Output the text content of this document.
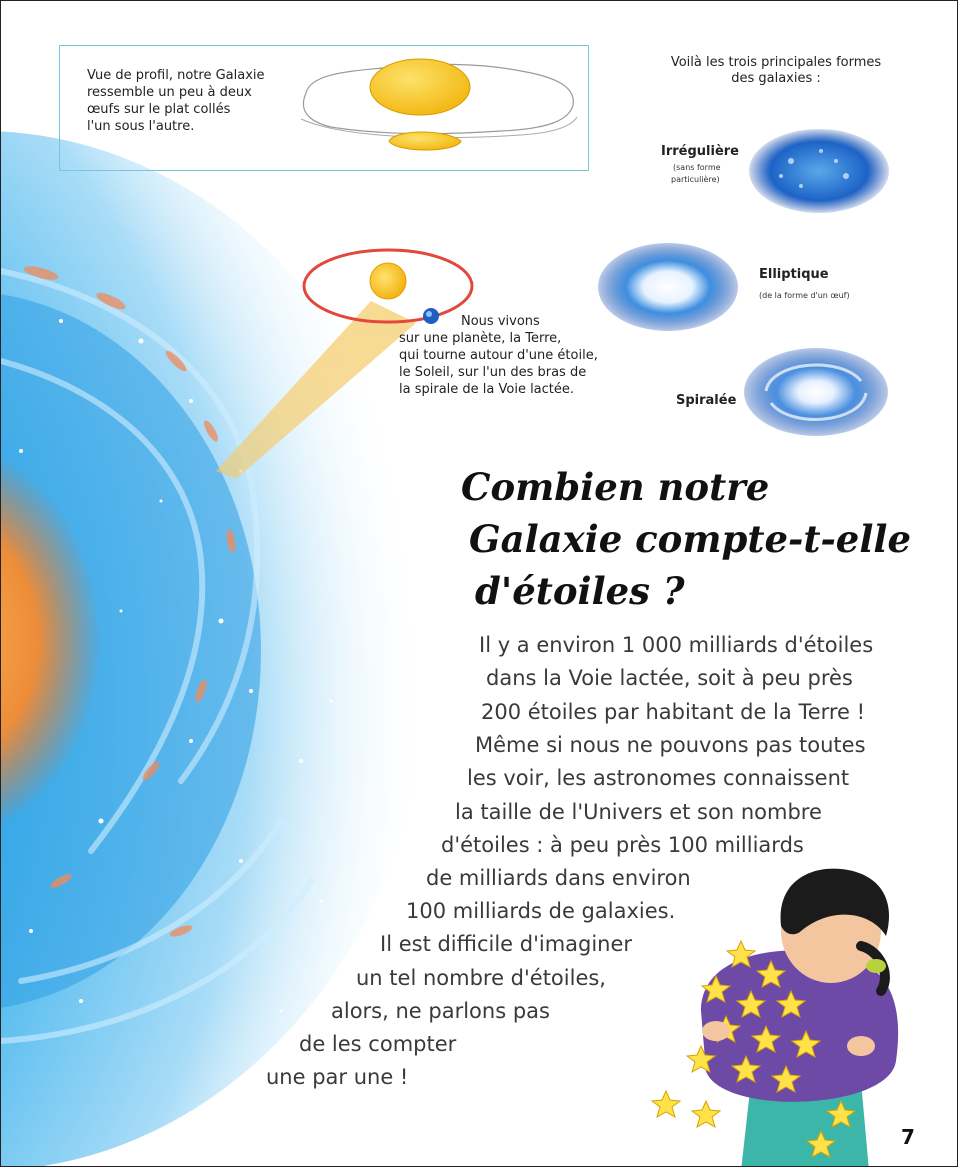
Vue de profil, notre Galaxie
ressemble un peu à deux
œufs sur le plat collés
l'un sous l'autre.
Voilà les trois principales formes des galaxies :
Irrégulière
(sans forme
particulière)
Elliptique
(de la forme d'un œuf)
Spiralée
Nous vivons
sur une planète, la Terre,
qui tourne autour d'une étoile,
le Soleil, sur l'un des bras de
la spirale de la Voie lactée.
Combien notre
Galaxie compte-t-elle
d'étoiles ?
Il y a environ 1 000 milliards d'étoiles
dans la Voie lactée, soit à peu près
200 étoiles par habitant de la Terre !
Même si nous ne pouvons pas toutes
les voir, les astronomes connaissent
la taille de l'Univers et son nombre
d'étoiles : à peu près 100 milliards
de milliards dans environ
100 milliards de galaxies.
Il est difficile d'imaginer
un tel nombre d'étoiles,
alors, ne parlons pas
de les compter
une par une !
7
